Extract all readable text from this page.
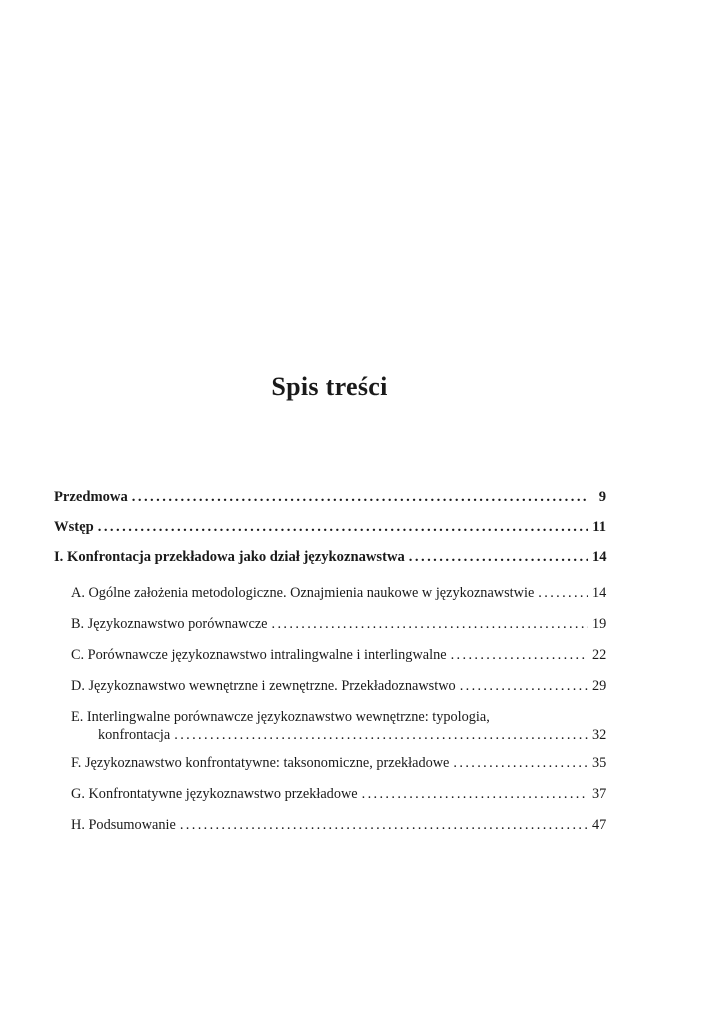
Spis treści
Przedmowa . . .	9
Wstęp . . .	11
I. Konfrontacja przekładowa jako dział językoznawstwa . . .	14
A. Ogólne założenia metodologiczne. Oznajmienia naukowe w językoznawstwie . . .	14
B. Językoznawstwo porównawcze . . .	19
C. Porównawcze językoznawstwo intralingwalne i interlingwalne . . .	22
D. Językoznawstwo wewnętrzne i zewnętrzne. Przekładoznawstwo . . .	29
E. Interlingwalne porównawcze językoznawstwo wewnętrzne: typologia,
konfrontacja . . .	32
F. Językoznawstwo konfrontatywne: taksonomiczne, przekładowe . . .	35
G. Konfrontatywne językoznawstwo przekładowe . . .	37
H. Podsumowanie . . .	47
